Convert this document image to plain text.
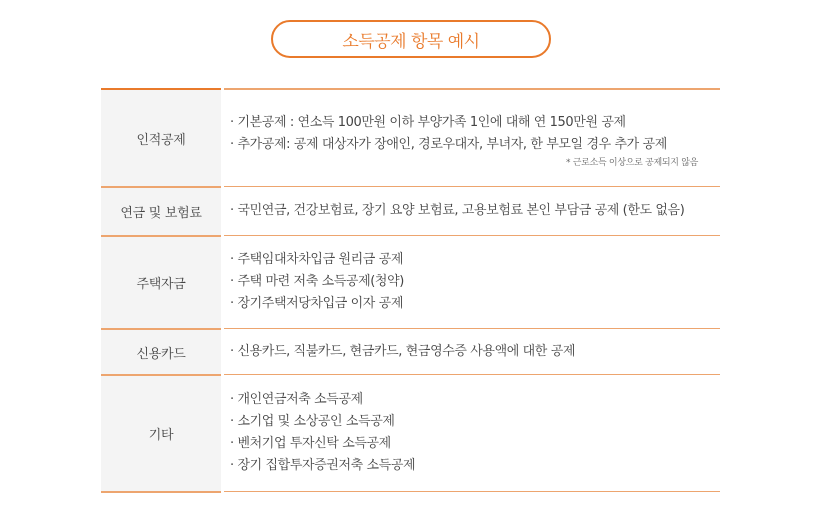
소득공제 항목 예시
인적공제
· 기본공제 : 연소득 100만원 이하 부양가족 1인에 대해 연 150만원 공제
· 추가공제: 공제 대상자가 장애인, 경로우대자, 부녀자, 한 부모일 경우 추가 공제
* 근로소득 이상으로 공제되지 않음
연금 및 보험료	· 국민연금, 건강보험료, 장기 요양 보험료, 고용보험료 본인 부담금 공제 (한도 없음)
주택자금
· 주택임대차차입금 원리금 공제
· 주택 마련 저축 소득공제(청약)
· 장기주택저당차입금 이자 공제
신용카드	· 신용카드, 직불카드, 현금카드, 현금영수증 사용액에 대한 공제
기타
· 개인연금저축 소득공제
· 소기업 및 소상공인 소득공제
· 벤처기업 투자신탁 소득공제
· 장기 집합투자증권저축 소득공제
